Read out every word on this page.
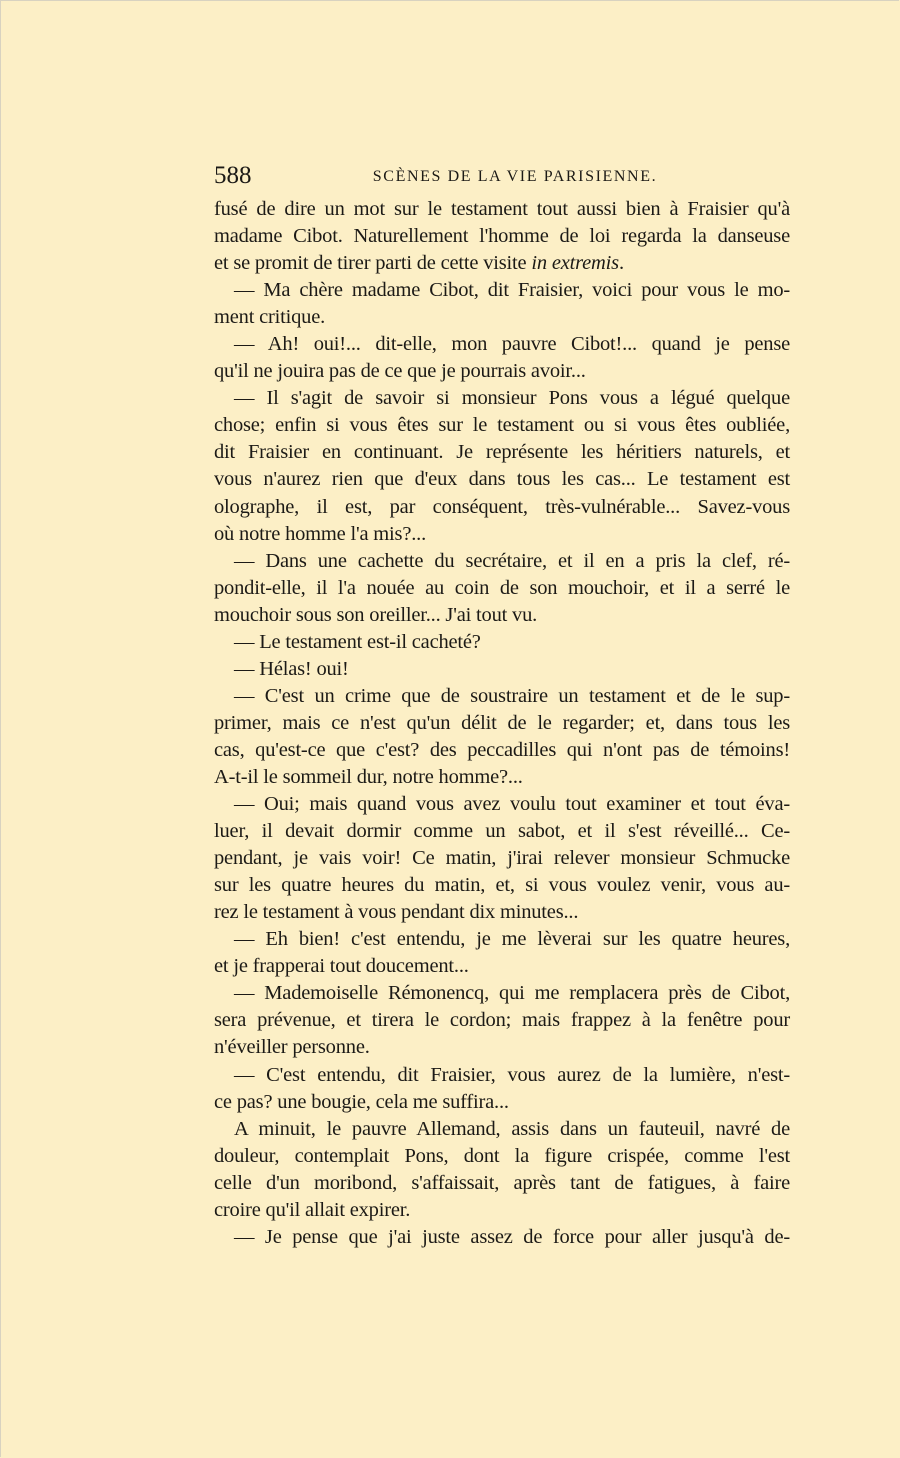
588	SCÈNES DE LA VIE PARISIENNE.
fusé de dire un mot sur le testament tout aussi bien à Fraisier qu'à
madame Cibot. Naturellement l'homme de loi regarda la danseuse
et se promit de tirer parti de cette visite in extremis.
— Ma chère madame Cibot, dit Fraisier, voici pour vous le mo-
ment critique.
— Ah! oui!... dit-elle, mon pauvre Cibot!... quand je pense
qu'il ne jouira pas de ce que je pourrais avoir...
— Il s'agit de savoir si monsieur Pons vous a légué quelque
chose; enfin si vous êtes sur le testament ou si vous êtes oubliée,
dit Fraisier en continuant. Je représente les héritiers naturels, et
vous n'aurez rien que d'eux dans tous les cas... Le testament est
olographe, il est, par conséquent, très-vulnérable... Savez-vous
où notre homme l'a mis?...
— Dans une cachette du secrétaire, et il en a pris la clef, ré-
pondit-elle, il l'a nouée au coin de son mouchoir, et il a serré le
mouchoir sous son oreiller... J'ai tout vu.
— Le testament est-il cacheté?
— Hélas! oui!
— C'est un crime que de soustraire un testament et de le sup-
primer, mais ce n'est qu'un délit de le regarder; et, dans tous les
cas, qu'est-ce que c'est? des peccadilles qui n'ont pas de témoins!
A-t-il le sommeil dur, notre homme?...
— Oui; mais quand vous avez voulu tout examiner et tout éva-
luer, il devait dormir comme un sabot, et il s'est réveillé... Ce-
pendant, je vais voir! Ce matin, j'irai relever monsieur Schmucke
sur les quatre heures du matin, et, si vous voulez venir, vous au-
rez le testament à vous pendant dix minutes...
— Eh bien! c'est entendu, je me lèverai sur les quatre heures,
et je frapperai tout doucement...
— Mademoiselle Rémonencq, qui me remplacera près de Cibot,
sera prévenue, et tirera le cordon; mais frappez à la fenêtre pour
n'éveiller personne.
— C'est entendu, dit Fraisier, vous aurez de la lumière, n'est-
ce pas? une bougie, cela me suffira...
A minuit, le pauvre Allemand, assis dans un fauteuil, navré de
douleur, contemplait Pons, dont la figure crispée, comme l'est
celle d'un moribond, s'affaissait, après tant de fatigues, à faire
croire qu'il allait expirer.
— Je pense que j'ai juste assez de force pour aller jusqu'à de-
